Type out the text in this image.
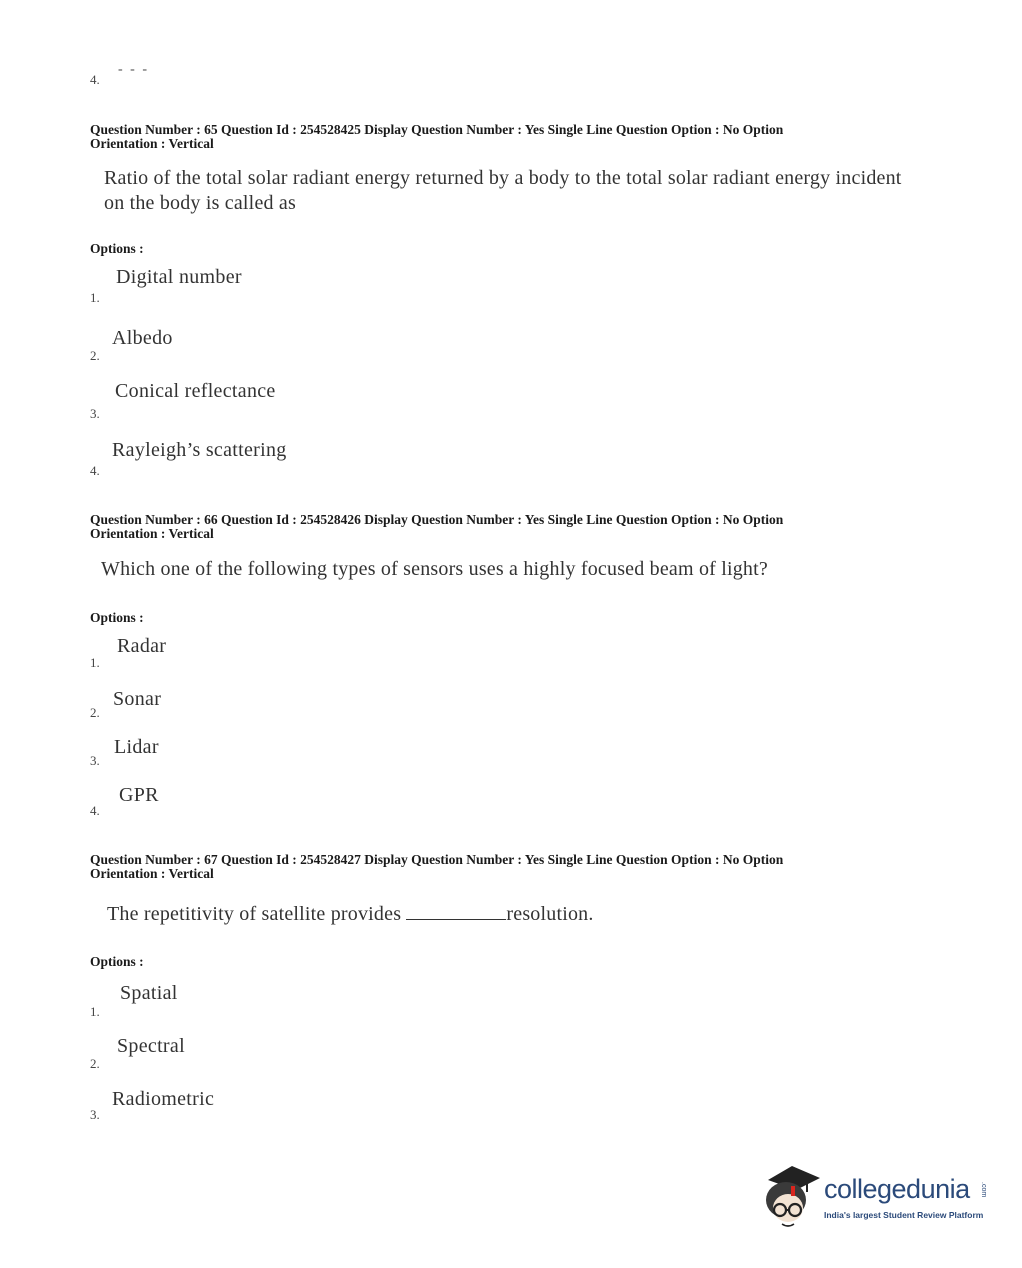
4.
- - -
Question Number : 65 Question Id : 254528425 Display Question Number : Yes Single Line Question Option : No Option
Orientation : Vertical
Ratio of the total solar radiant energy returned by a body to the total solar radiant energy incident on the body is called as
Options :
Digital number
1.
Albedo
2.
Conical reflectance
3.
Rayleigh’s scattering
4.
Question Number : 66 Question Id : 254528426 Display Question Number : Yes Single Line Question Option : No Option
Orientation : Vertical
Which one of the following types of sensors uses a highly focused beam of light?
Options :
Radar
1.
Sonar
2.
Lidar
3.
GPR
4.
Question Number : 67 Question Id : 254528427 Display Question Number : Yes Single Line Question Option : No Option
Orientation : Vertical
The repetitivity of satellite provides	resolution.
Options :
Spatial
1.
Spectral
2.
Radiometric
3.
collegedunia .com
India's largest Student Review Platform
